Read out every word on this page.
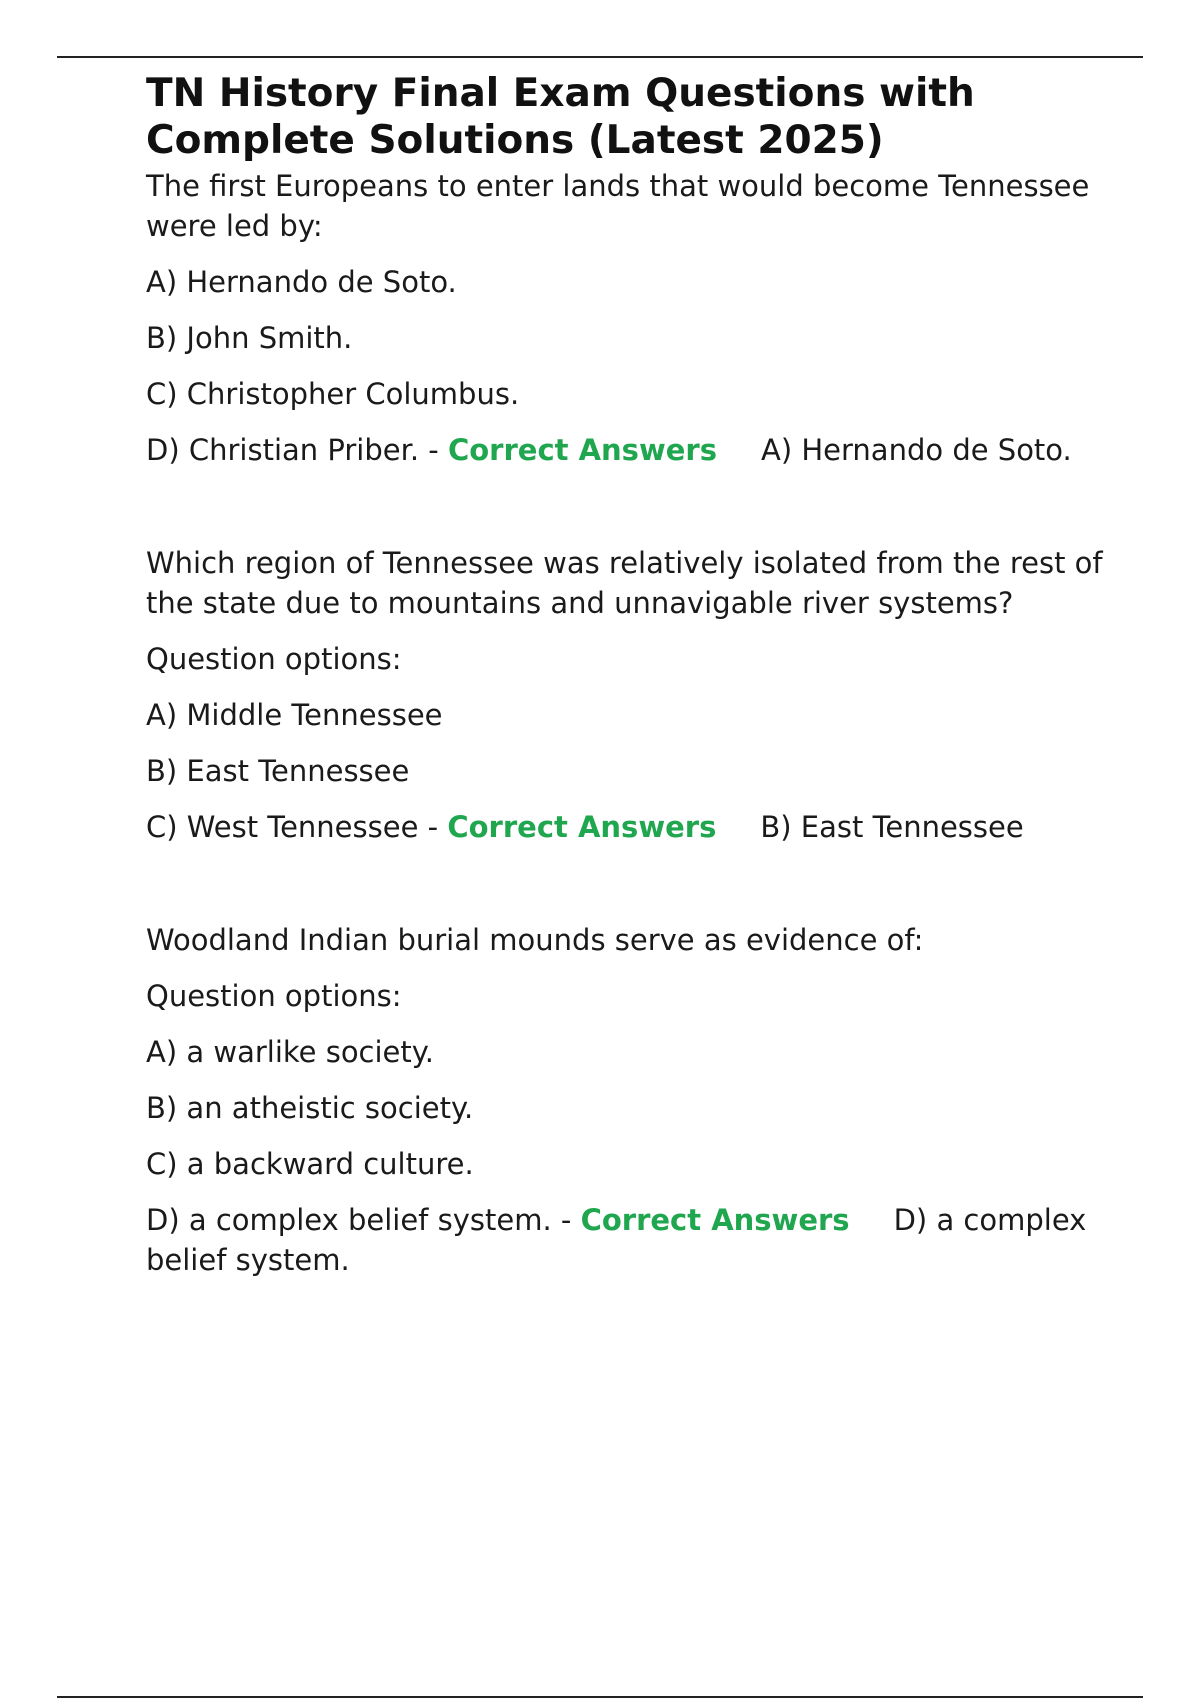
TN History Final Exam Questions with Complete Solutions (Latest 2025)

The first Europeans to enter lands that would become Tennessee were led by:

A) Hernando de Soto.

B) John Smith.

C) Christopher Columbus.

D) Christian Priber. - Correct Answers A) Hernando de Soto.

Which region of Tennessee was relatively isolated from the rest of the state due to mountains and unnavigable river systems?

Question options:

A) Middle Tennessee

B) East Tennessee

C) West Tennessee - Correct Answers B) East Tennessee

Woodland Indian burial mounds serve as evidence of:

Question options:

A) a warlike society.

B) an atheistic society.

C) a backward culture.

D) a complex belief system. - Correct Answers D) a complex belief system.
